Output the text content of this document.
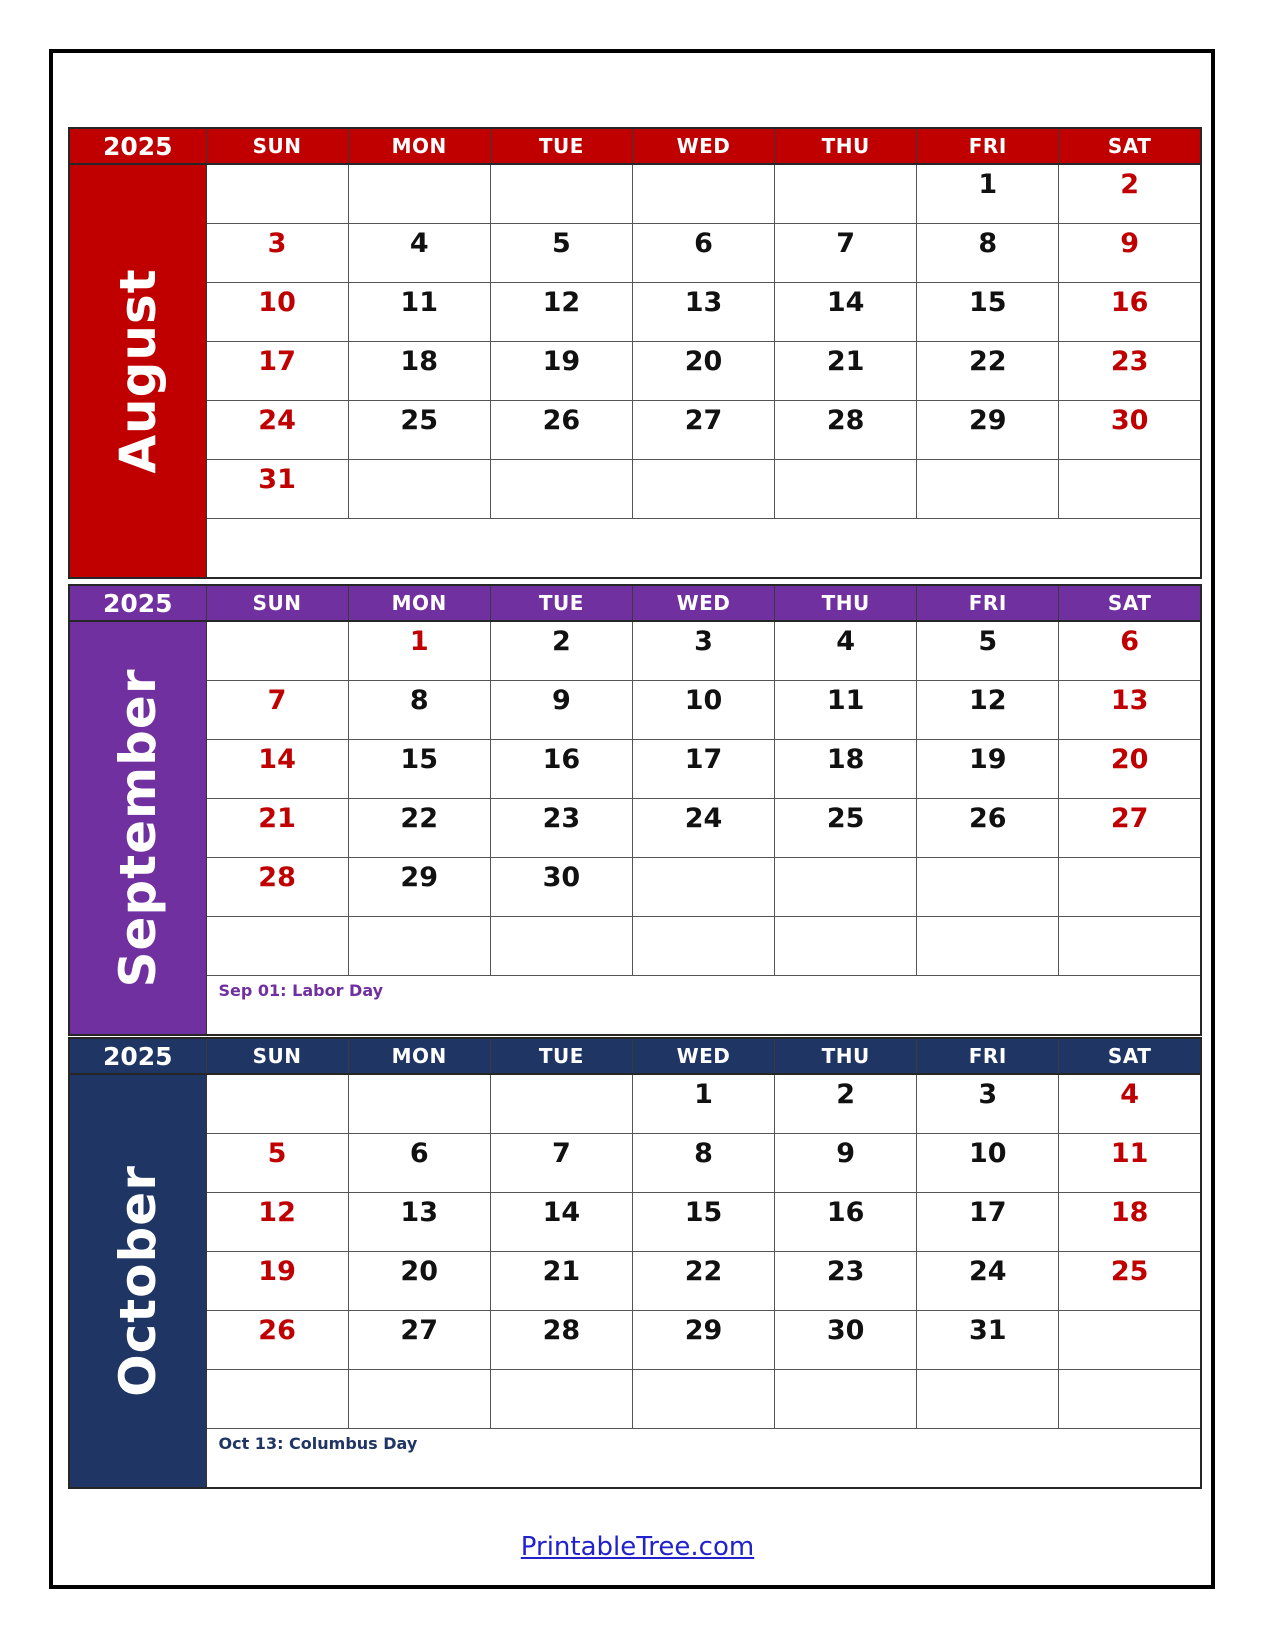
PrintableTree.com
2025	SUN	MON	TUE	WED	THU	FRI	SAT

August						1	2
	3	4	5	6	7	8	9
	10	11	12	13	14	15	16
	17	18	19	20	21	22	23
	24	25	26	27	28	29	30
	31						

2025	SUN	MON	TUE	WED	THU	FRI	SAT

September		1	2	3	4	5	6
	7	8	9	10	11	12	13
	14	15	16	17	18	19	20
	21	22	23	24	25	26	27
	28	29	30				

	Sep 01: Labor Day						
2025	SUN	MON	TUE	WED	THU	FRI	SAT

October				1	2	3	4
	5	6	7	8	9	10	11
	12	13	14	15	16	17	18
	19	20	21	22	23	24	25
	26	27	28	29	30	31	

	Oct 13: Columbus Day						
